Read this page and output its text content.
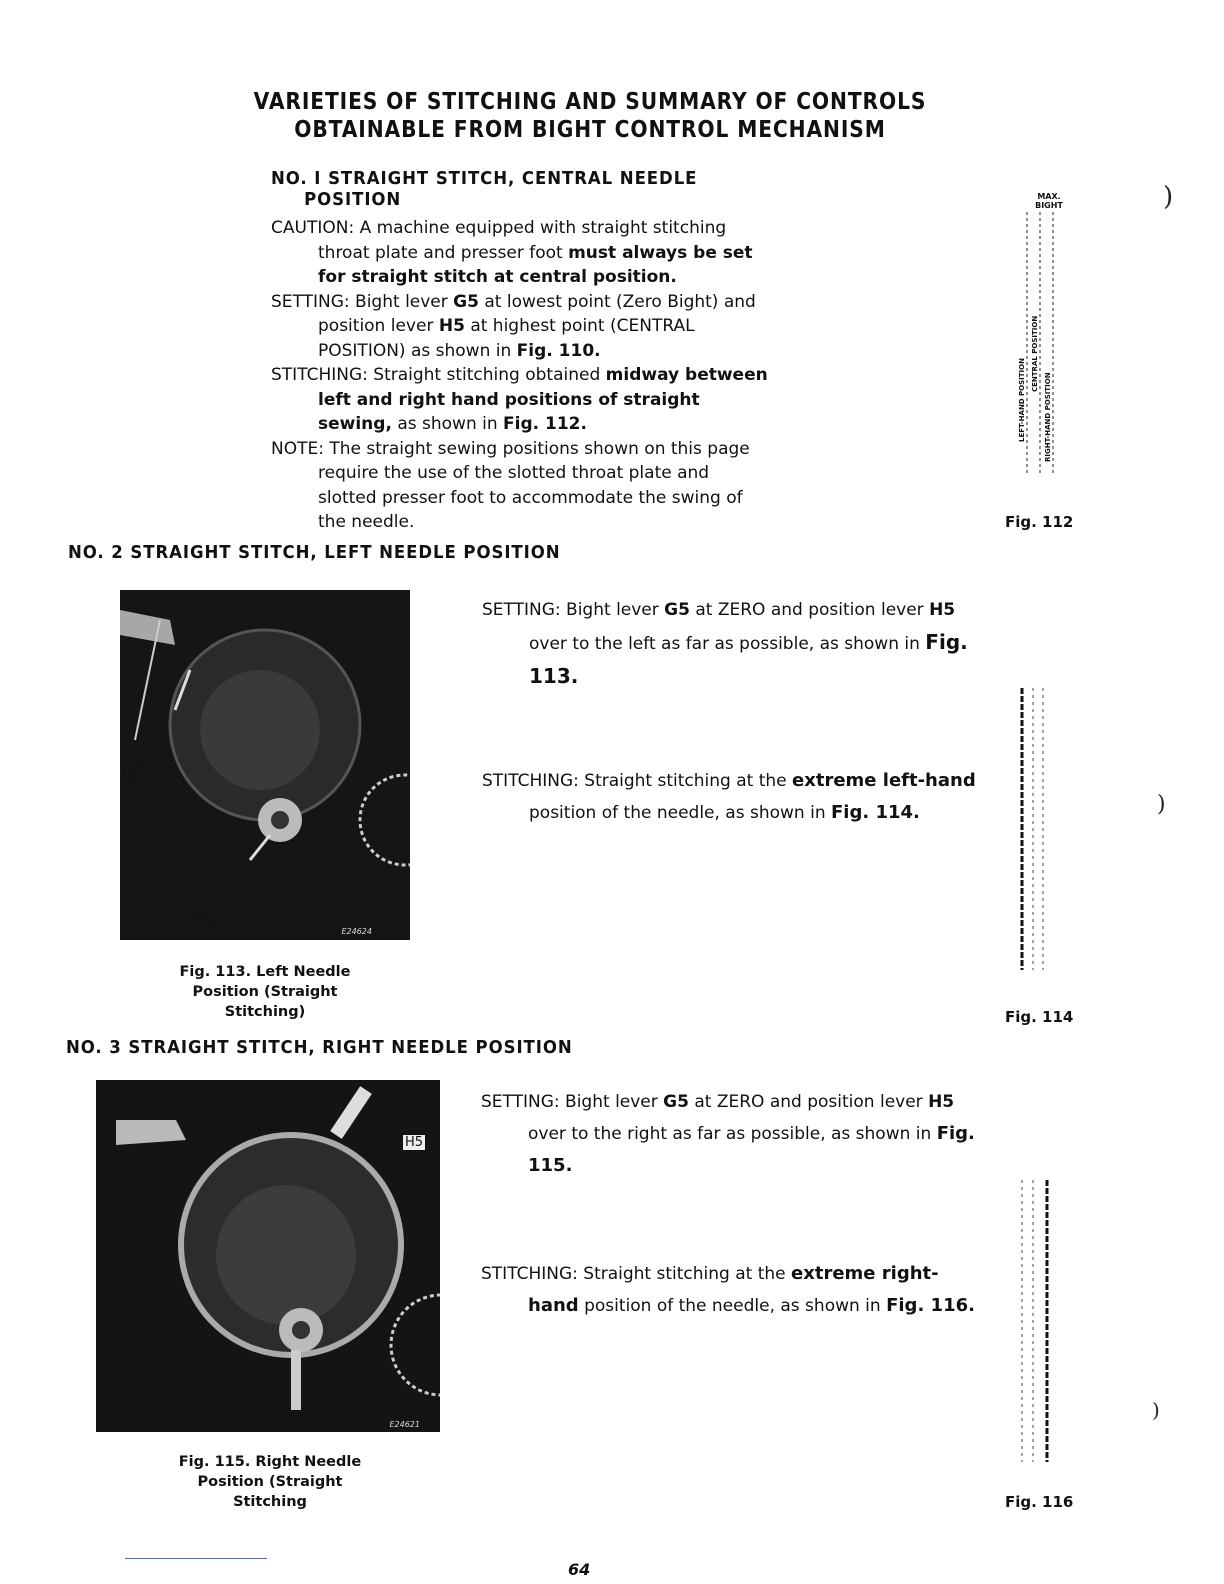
VARIETIES OF STITCHING AND SUMMARY OF CONTROLS
OBTAINABLE FROM BIGHT CONTROL MECHANISM
NO. I STRAIGHT STITCH, CENTRAL NEEDLE
POSITION

CAUTION: A machine equipped with straight stitching throat plate and presser foot must always be set for straight stitch at central position.

SETTING: Bight lever G5 at lowest point (Zero Bight) and position lever H5 at highest point (CENTRAL POSITION) as shown in Fig. 110.

STITCHING: Straight stitching obtained midway between left and right hand positions of straight sewing, as shown in Fig. 112.

NOTE: The straight sewing positions shown on this page require the use of the slotted throat plate and slotted presser foot to accommodate the swing of the needle.

MAX. BIGHT
LEFT-HAND POSITION
CENTRAL POSITION
RIGHT-HAND POSITION
Fig. 112
NO. 2 STRAIGHT STITCH, LEFT NEEDLE POSITION
E24624
H5
G5
Fig. 113. Left Needle Position (Straight Stitching)

SETTING: Bight lever G5 at ZERO and position lever H5 over to the left as far as possible, as shown in Fig. 113.

STITCHING: Straight stitching at the extreme left-hand position of the needle, as shown in Fig. 114.

Fig. 114
NO. 3 STRAIGHT STITCH, RIGHT NEEDLE POSITION
E24621
H5
G5
Fig. 115. Right Needle Position (Straight Stitching

SETTING: Bight lever G5 at ZERO and position lever H5 over to the right as far as possible, as shown in Fig. 115.

STITCHING: Straight stitching at the extreme right-hand position of the needle, as shown in Fig. 116.

Fig. 116
)
)
)
64
